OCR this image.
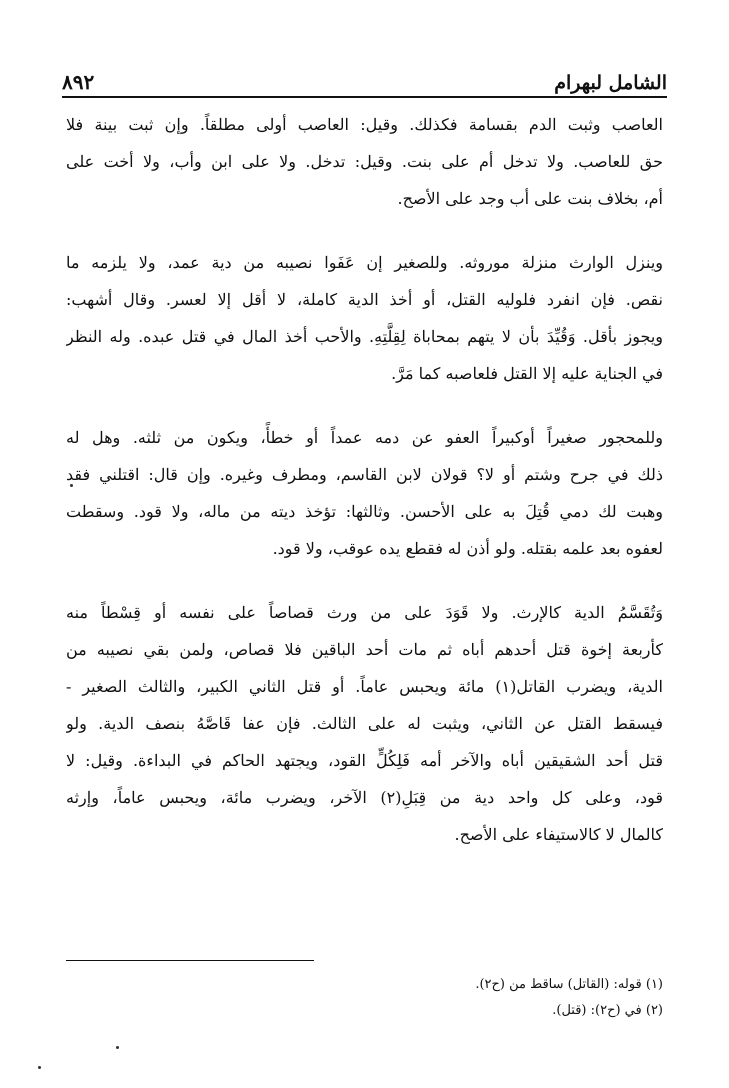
الشامل لبهرام
٨٩٢
العاصب وثبت الدم بقسامة فكذلك. وقيل: العاصب أولى مطلقاً. وإن ثبت بينة فلا
حق للعاصب. ولا تدخل أم على بنت. وقيل: تدخل. ولا على ابن وأب، ولا أخت على
أم، بخلاف بنت على أب وجد على الأصح.
وينزل الوارث منزلة موروثه. وللصغير إن عَفَوا نصيبه من دية عمد، ولا يلزمه ما
نقص. فإن انفرد فلوليه القتل، أو أخذ الدية كاملة، لا أقل إلا لعسر. وقال أشهب:
ويجوز بأقل. وَقُيِّدَ بأن لا يتهم بمحاباة لِقِلَّتِهِ. والأحب أخذ المال في قتل عبده. وله النظر
في الجناية عليه إلا القتل فلعاصبه كما مَرَّ.
وللمحجور صغيراً أوكبيراً العفو عن دمه عمداً أو خطأً، ويكون من ثلثه. وهل له
ذلك في جرح وشتم أو لا؟ قولان لابن القاسم، ومطرف وغيره. وإن قال: اقتلني فقد
وهبت لك دمي قُتِلَ به على الأحسن. وثالثها: تؤخذ ديته من ماله، ولا قود. وسقطت
لعفوه بعد علمه بقتله. ولو أذن له فقطع يده عوقب، ولا قود.
وَتُقَسَّمُ الدية كالإرث. ولا قَوَدَ على من ورث قصاصاً على نفسه أو قِسْطاً منه
كأربعة إخوة قتل أحدهم أباه ثم مات أحد الباقين فلا قصاص، ولمن بقي نصيبه من
الدية، ويضرب القاتل(١) مائة ويحبس عاماً. أو قتل الثاني الكبير، والثالث الصغير -
فيسقط القتل عن الثاني، ويثبت له على الثالث. فإن عفا قَاصَّهُ بنصف الدية. ولو
قتل أحد الشقيقين أباه والآخر أمه فَلِكُلٍّ القود، ويجتهد الحاكم في البداءة. وقيل: لا
قود، وعلى كل واحد دية من قِبَلِ(٢) الآخر، ويضرب مائة، ويحبس عاماً، وإرثه
كالمال لا كالاستيفاء على الأصح.
(١) قوله: (القاتل) ساقط من (ح٢).
(٢) في (ح٢): (قتل).
